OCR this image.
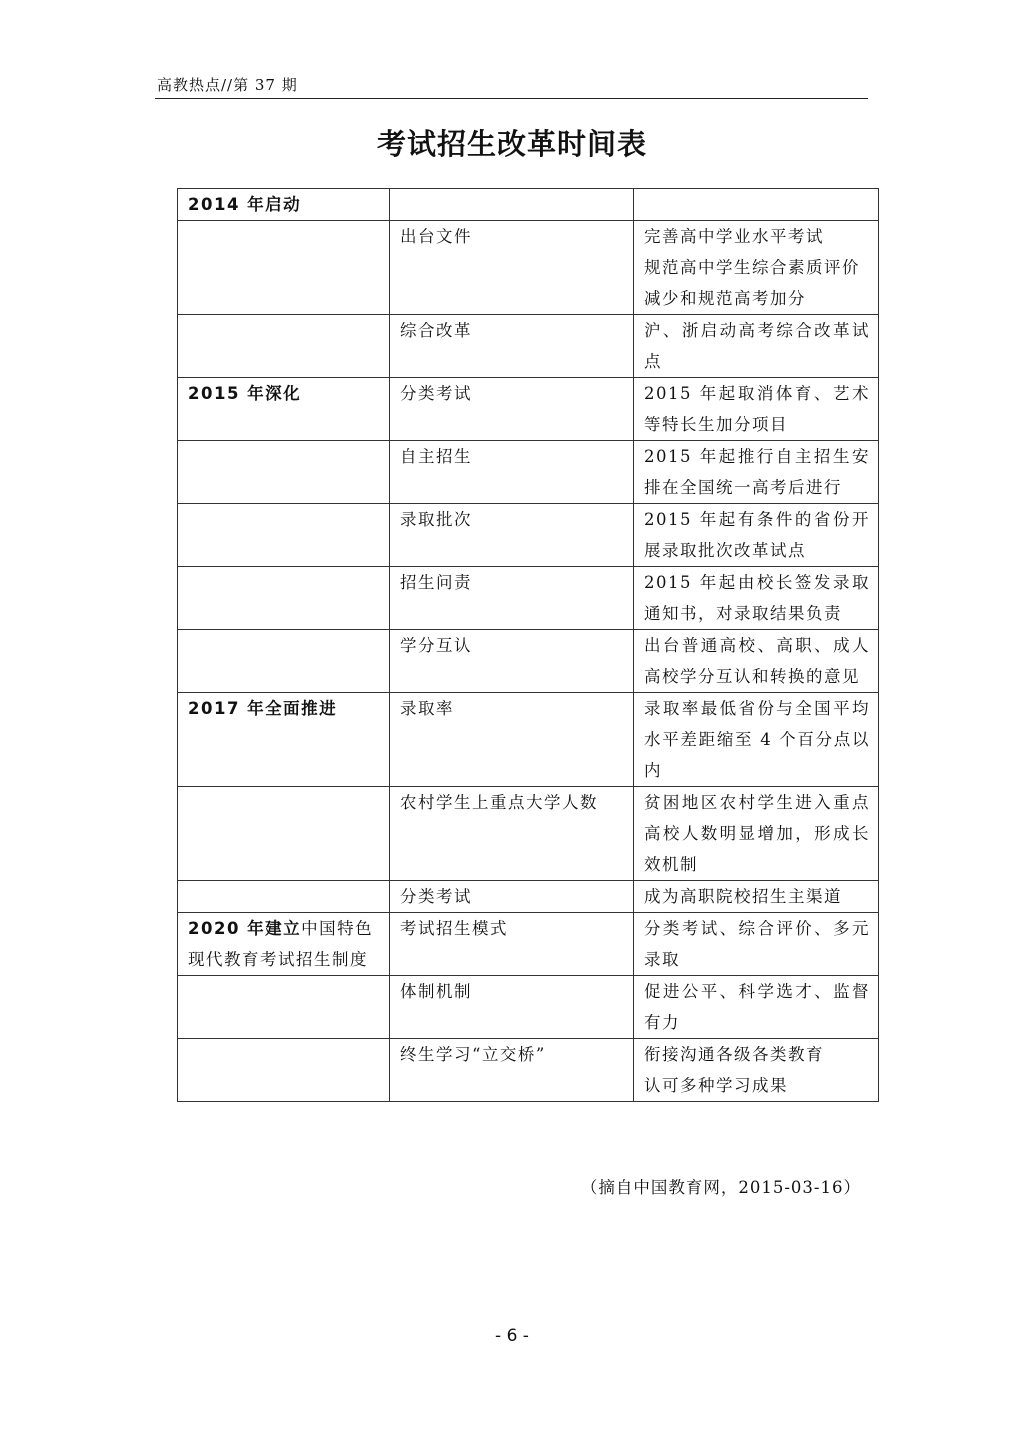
高教热点//第 37 期
考试招生改革时间表
2014 年启动		
	出台文件	完善高中学业水平考试
规范高中学生综合素质评价
减少和规范高考加分

	综合改革	沪、浙启动高考综合改革试点

2015 年深化	分类考试	2015 年起取消体育、艺术等特长生加分项目

	自主招生	2015 年起推行自主招生安排在全国统一高考后进行

	录取批次	2015 年起有条件的省份开展录取批次改革试点

	招生问责	2015 年起由校长签发录取通知书，对录取结果负责

	学分互认	出台普通高校、高职、成人高校学分互认和转换的意见

2017 年全面推进	录取率	录取率最低省份与全国平均水平差距缩至 4 个百分点以内

	农村学生上重点大学人数	贫困地区农村学生进入重点高校人数明显增加，形成长效机制

	分类考试	成为高职院校招生主渠道

2020 年建立中国特色现代教育考试招生制度	考试招生模式	分类考试、综合评价、多元录取

	体制机制	促进公平、科学选才、监督有力

	终生学习“立交桥”	衔接沟通各级各类教育
认可多种学习成果
（摘自中国教育网，2015-03-16）
- 6 -
